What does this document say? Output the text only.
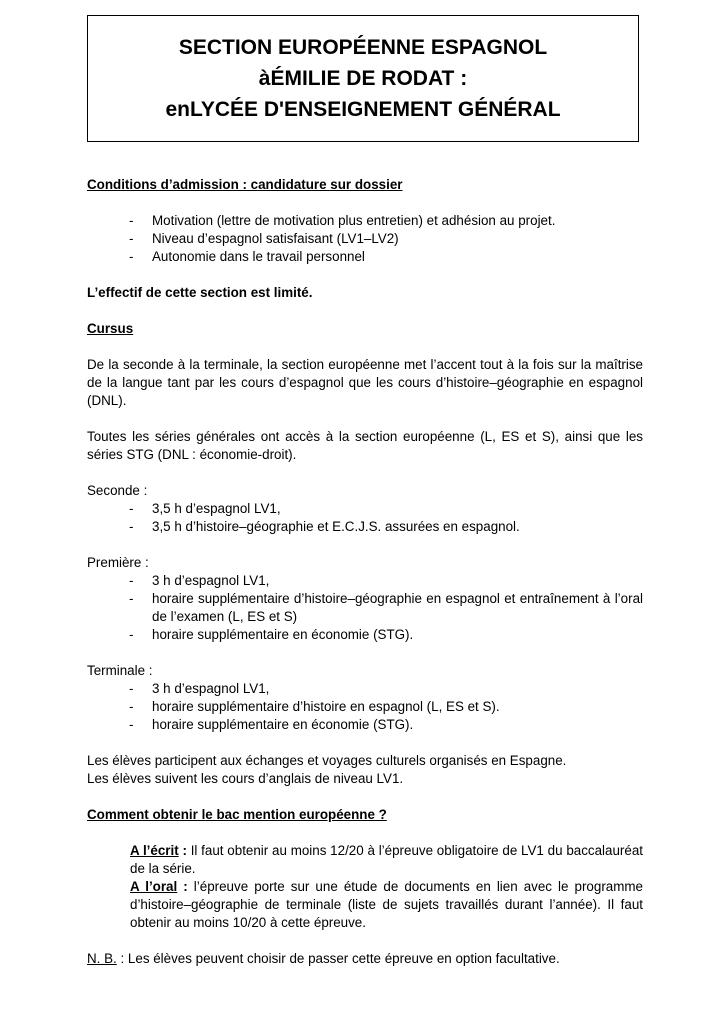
SECTION EUROPÉENNE ESPAGNOL
àÉMILIE DE RODAT :
enLYCÉE D'ENSEIGNEMENT GÉNÉRAL

Conditions d’admission : candidature sur dossier

- Motivation (lettre de motivation plus entretien) et adhésion au projet.
- Niveau d’espagnol satisfaisant (LV1–LV2)
- Autonomie dans le travail personnel

L’effectif de cette section est limité.

Cursus

De la seconde à la terminale, la section européenne met l’accent tout à la fois sur la maîtrise de la langue tant par les cours d’espagnol que les cours d’histoire–géographie en espagnol (DNL).

Toutes les séries générales ont accès à la section européenne (L, ES et S), ainsi que les séries STG (DNL : économie-droit).

Seconde :

- 3,5 h d’espagnol LV1,
- 3,5 h d’histoire–géographie et E.C.J.S. assurées en espagnol.

Première :

- 3 h d’espagnol LV1,
- horaire supplémentaire d’histoire–géographie en espagnol et entraînement à l’oral de l’examen (L, ES et S)
- horaire supplémentaire en économie (STG).

Terminale :

- 3 h d’espagnol LV1,
- horaire supplémentaire d’histoire en espagnol (L, ES et S).
- horaire supplémentaire en économie (STG).

Les élèves participent aux échanges et voyages culturels organisés en Espagne.

Les élèves suivent les cours d’anglais de niveau LV1.

Comment obtenir le bac mention européenne ?

A l’écrit : Il faut obtenir au moins 12/20 à l’épreuve obligatoire de LV1 du baccalauréat de la série.

A l’oral : l’épreuve porte sur une étude de documents en lien avec le programme d’histoire–géographie de terminale (liste de sujets travaillés durant l’année). Il faut obtenir au moins 10/20 à cette épreuve.

N. B. : Les élèves peuvent choisir de passer cette épreuve en option facultative.
